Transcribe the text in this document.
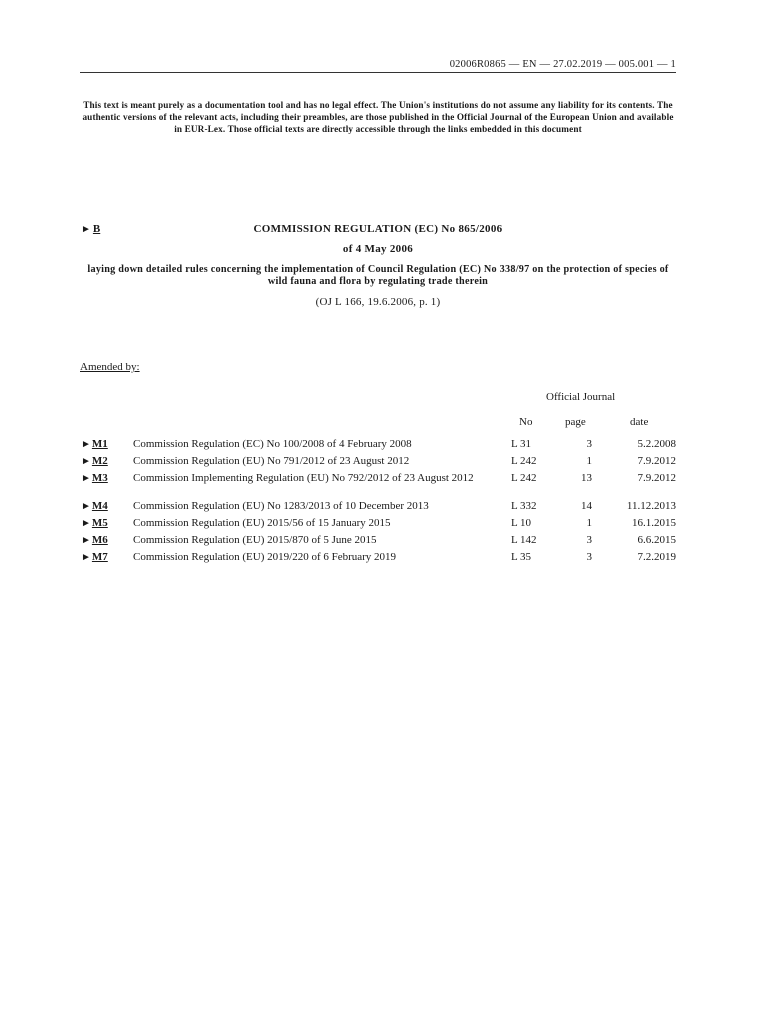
02006R0865 — EN — 27.02.2019 — 005.001 — 1
This text is meant purely as a documentation tool and has no legal effect. The Union's institutions do not assume any liability for its contents. The authentic versions of the relevant acts, including their preambles, are those published in the Official Journal of the European Union and available in EUR-Lex. Those official texts are directly accessible through the links embedded in this document
► B	COMMISSION REGULATION (EC) No 865/2006
of 4 May 2006
laying down detailed rules concerning the implementation of Council Regulation (EC) No 338/97 on the protection of species of wild fauna and flora by regulating trade therein
(OJ L 166, 19.6.2006, p. 1)
Amended by:
Official Journal
No	page	date
►M1 Commission Regulation (EC) No 100/2008 of 4 February 2008	L 31	3	5.2.2008
►M2 Commission Regulation (EU) No 791/2012 of 23 August 2012	L 242	1	7.9.2012
►M3 Commission Implementing Regulation (EU) No 792/2012 of 23 August 2012	L 242	13	7.9.2012
►M4 Commission Regulation (EU) No 1283/2013 of 10 December 2013	L 332	14	11.12.2013
►M5 Commission Regulation (EU) 2015/56 of 15 January 2015	L 10	1	16.1.2015
►M6 Commission Regulation (EU) 2015/870 of 5 June 2015	L 142	3	6.6.2015
►M7 Commission Regulation (EU) 2019/220 of 6 February 2019	L 35	3	7.2.2019
